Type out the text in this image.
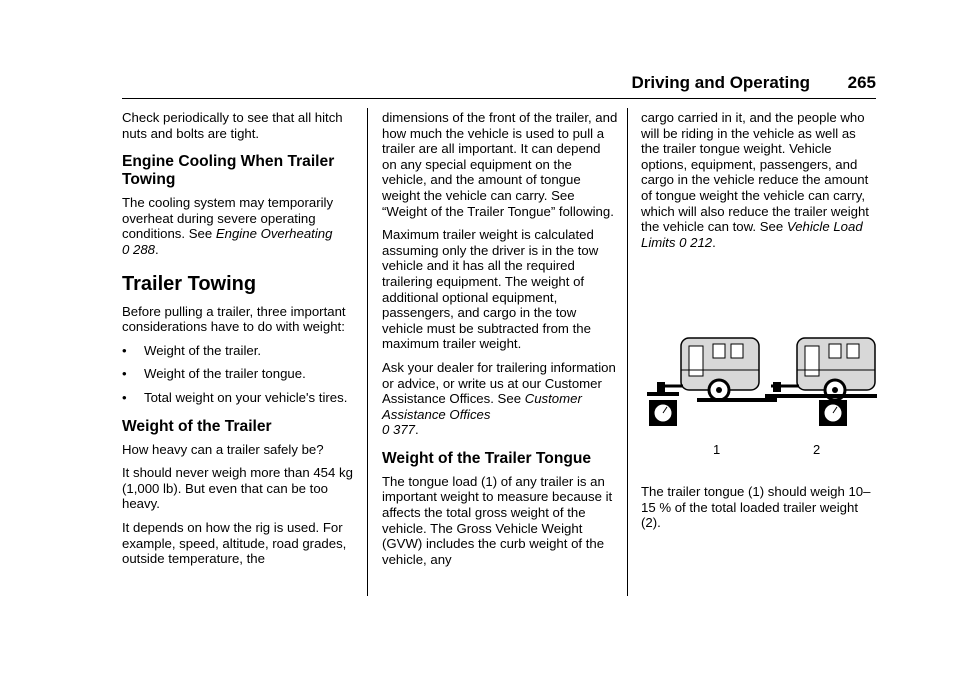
Driving and Operating 265

Check periodically to see that all hitch nuts and bolts are tight.

Engine Cooling When Trailer Towing

The cooling system may temporarily overheat during severe operating conditions. See Engine Overheating
0 288.

Trailer Towing

Before pulling a trailer, three important considerations have to do with weight:

•	Weight of the trailer.
•	Weight of the trailer tongue.
•	Total weight on your vehicle's tires.
Weight of the Trailer

How heavy can a trailer safely be?

It should never weigh more than 454 kg (1,000 lb). But even that can be too heavy.

It depends on how the rig is used. For example, speed, altitude, road grades, outside temperature, the

dimensions of the front of the trailer, and how much the vehicle is used to pull a trailer are all important. It can depend on any special equipment on the vehicle, and the amount of tongue weight the vehicle can carry. See “Weight of the Trailer Tongue” following.

Maximum trailer weight is calculated assuming only the driver is in the tow vehicle and it has all the required trailering equipment. The weight of additional optional equipment, passengers, and cargo in the tow vehicle must be subtracted from the maximum trailer weight.

Ask your dealer for trailering information or advice, or write us at our Customer Assistance Offices. See Customer Assistance Offices
0 377.

Weight of the Trailer Tongue

The tongue load (1) of any trailer is an important weight to measure because it affects the total gross weight of the vehicle. The Gross Vehicle Weight (GVW) includes the curb weight of the vehicle, any

cargo carried in it, and the people who will be riding in the vehicle as well as the trailer tongue weight. Vehicle options, equipment, passengers, and cargo in the vehicle reduce the amount of tongue weight the vehicle can carry, which will also reduce the trailer weight the vehicle can tow. See Vehicle Load Limits 0 212.

1	2
The trailer tongue (1) should weigh 10–15 % of the total loaded trailer weight (2).
